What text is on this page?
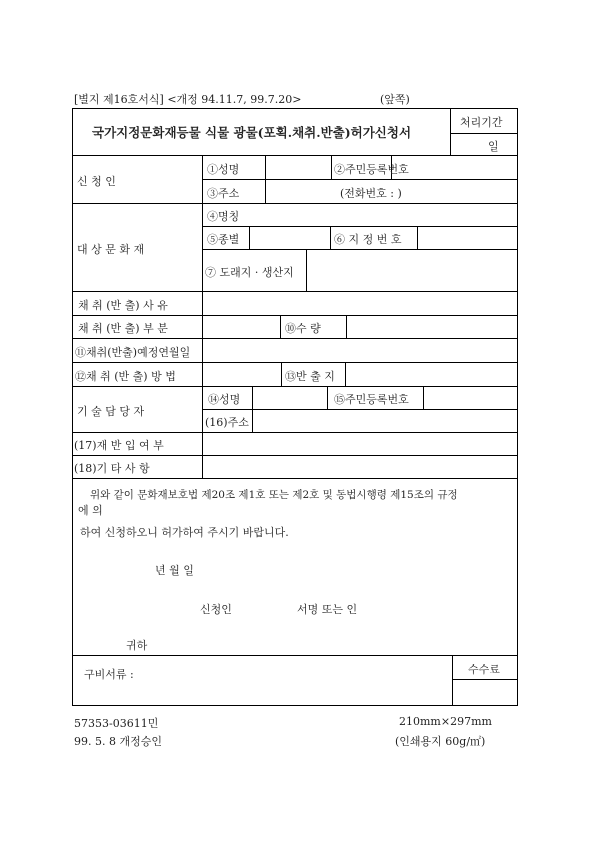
[별지 제16호서식] <개정 94.11.7, 99.7.20>	(앞쪽)
국가지정문화재등물 식물 광물(포획.채취.반출)허가신청서
처리기간
일
신 청 인
①성명	②주민등록번호
③주소	(전화번호 : )
대 상 문 화 재
④명칭
⑤종별	⑥ 지 정 번 호
⑦ 도래지 · 생산지
채 취 (반 출) 사 유
채 취 (반 출) 부 분	⑩수 량
⑪채취(반출)예정연월일
⑫채 취 (반 출) 방 법	⑬반 출 지
기 술 담 당 자
⑭성명	⑮주민등록번호
(16)주소
(17)재 반 입 여 부
(18)기 타 사 항
위와 같이 문화재보호법 제20조 제1호 또는 제2호 및 동법시행령 제15조의 규정
에 의
하여 신청하오니 허가하여 주시기 바랍니다.
년 월 일
신청인	서명 또는 인
귀하
구비서류 :	수수료
57353-03611민
99. 5. 8 개정승인
210mm×297mm
(인쇄용지 60g/㎡)
